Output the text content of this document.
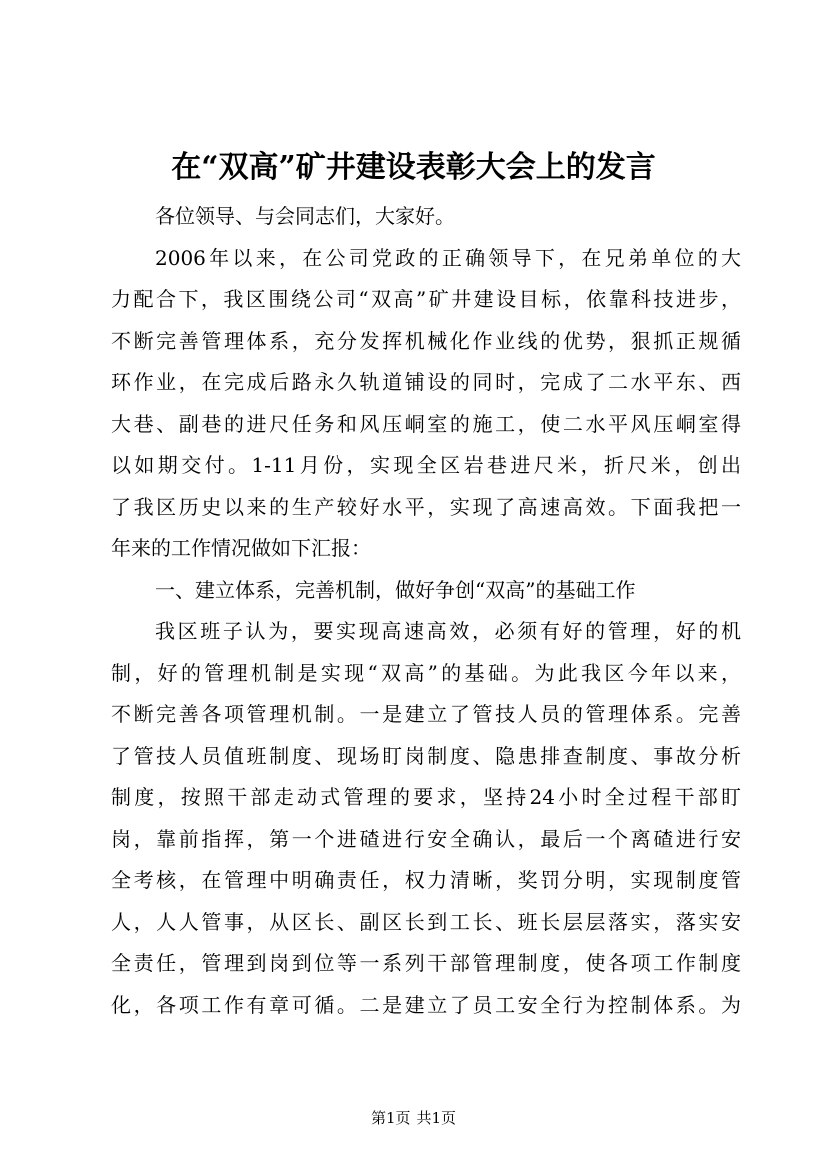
在“双高”矿井建设表彰大会上的发言
各位领导、与会同志们，大家好。
2006年以来，在公司党政的正确领导下，在兄弟单位的大
力配合下，我区围绕公司“双高”矿井建设目标，依靠科技进步，
不断完善管理体系，充分发挥机械化作业线的优势，狠抓正规循
环作业，在完成后路永久轨道铺设的同时，完成了二水平东、西
大巷、副巷的进尺任务和风压峒室的施工，使二水平风压峒室得
以如期交付。1-11月份，实现全区岩巷进尺米，折尺米，创出
了我区历史以来的生产较好水平，实现了高速高效。下面我把一
年来的工作情况做如下汇报：
一、建立体系，完善机制，做好争创“双高”的基础工作
我区班子认为，要实现高速高效，必须有好的管理，好的机
制，好的管理机制是实现“双高”的基础。为此我区今年以来，
不断完善各项管理机制。一是建立了管技人员的管理体系。完善
了管技人员值班制度、现场盯岗制度、隐患排查制度、事故分析
制度，按照干部走动式管理的要求，坚持24小时全过程干部盯
岗，靠前指挥，第一个进碴进行安全确认，最后一个离碴进行安
全考核，在管理中明确责任，权力清晰，奖罚分明，实现制度管
人，人人管事，从区长、副区长到工长、班长层层落实，落实安
全责任，管理到岗到位等一系列干部管理制度，使各项工作制度
化，各项工作有章可循。二是建立了员工安全行为控制体系。为
第1页 共1页
